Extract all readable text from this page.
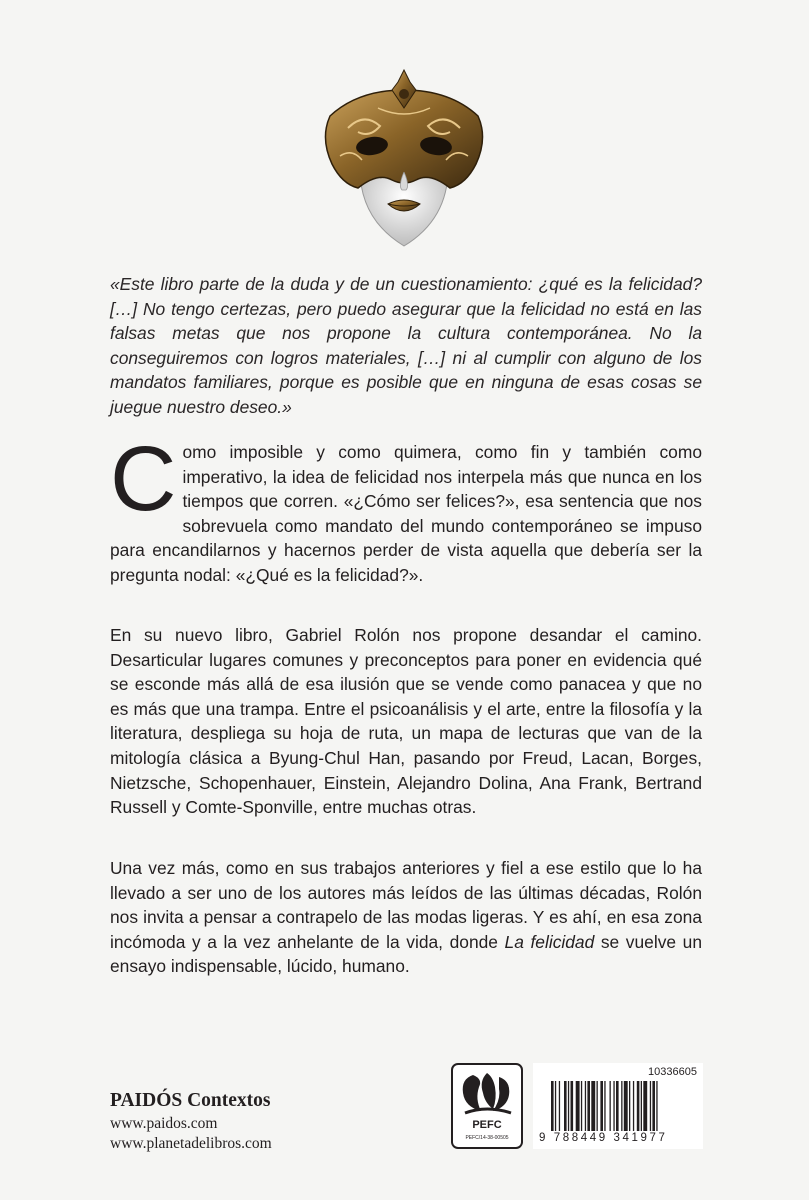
«Este libro parte de la duda y de un cuestionamiento: ¿qué es la felicidad? […] No tengo certezas, pero puedo asegurar que la felicidad no está en las falsas metas que nos propone la cultura contemporánea. No la conseguiremos con logros materiales, […] ni al cumplir con alguno de los mandatos familiares, porque es posible que en ninguna de esas cosas se juegue nuestro deseo.»

Como imposible y como quimera, como fin y también como imperativo, la idea de felicidad nos interpela más que nunca en los tiempos que corren. «¿Cómo ser felices?», esa sentencia que nos sobrevuela como mandato del mundo contemporáneo se impuso para encandilarnos y hacernos perder de vista aquella que debería ser la pregunta nodal: «¿Qué es la felicidad?».

En su nuevo libro, Gabriel Rolón nos propone desandar el camino. Desarticular lugares comunes y preconceptos para poner en evidencia qué se esconde más allá de esa ilusión que se vende como panacea y que no es más que una trampa. Entre el psicoanálisis y el arte, entre la filosofía y la literatura, despliega su hoja de ruta, un mapa de lecturas que van de la mitología clásica a Byung-Chul Han, pasando por Freud, Lacan, Borges, Nietzsche, Schopenhauer, Einstein, Alejandro Dolina, Ana Frank, Bertrand Russell y Comte-Sponville, entre muchas otras.

Una vez más, como en sus trabajos anteriores y fiel a ese estilo que lo ha llevado a ser uno de los autores más leídos de las últimas décadas, Rolón nos invita a pensar a contrapelo de las modas ligeras. Y es ahí, en esa zona incómoda y a la vez anhelante de la vida, donde La felicidad se vuelve un ensayo indispensable, lúcido, humano.

PAIDÓS Contextos
www.paidos.com
www.planetadelibros.com
PEFC
PEFC/14-38-00505
10336605
9 788449 341977
